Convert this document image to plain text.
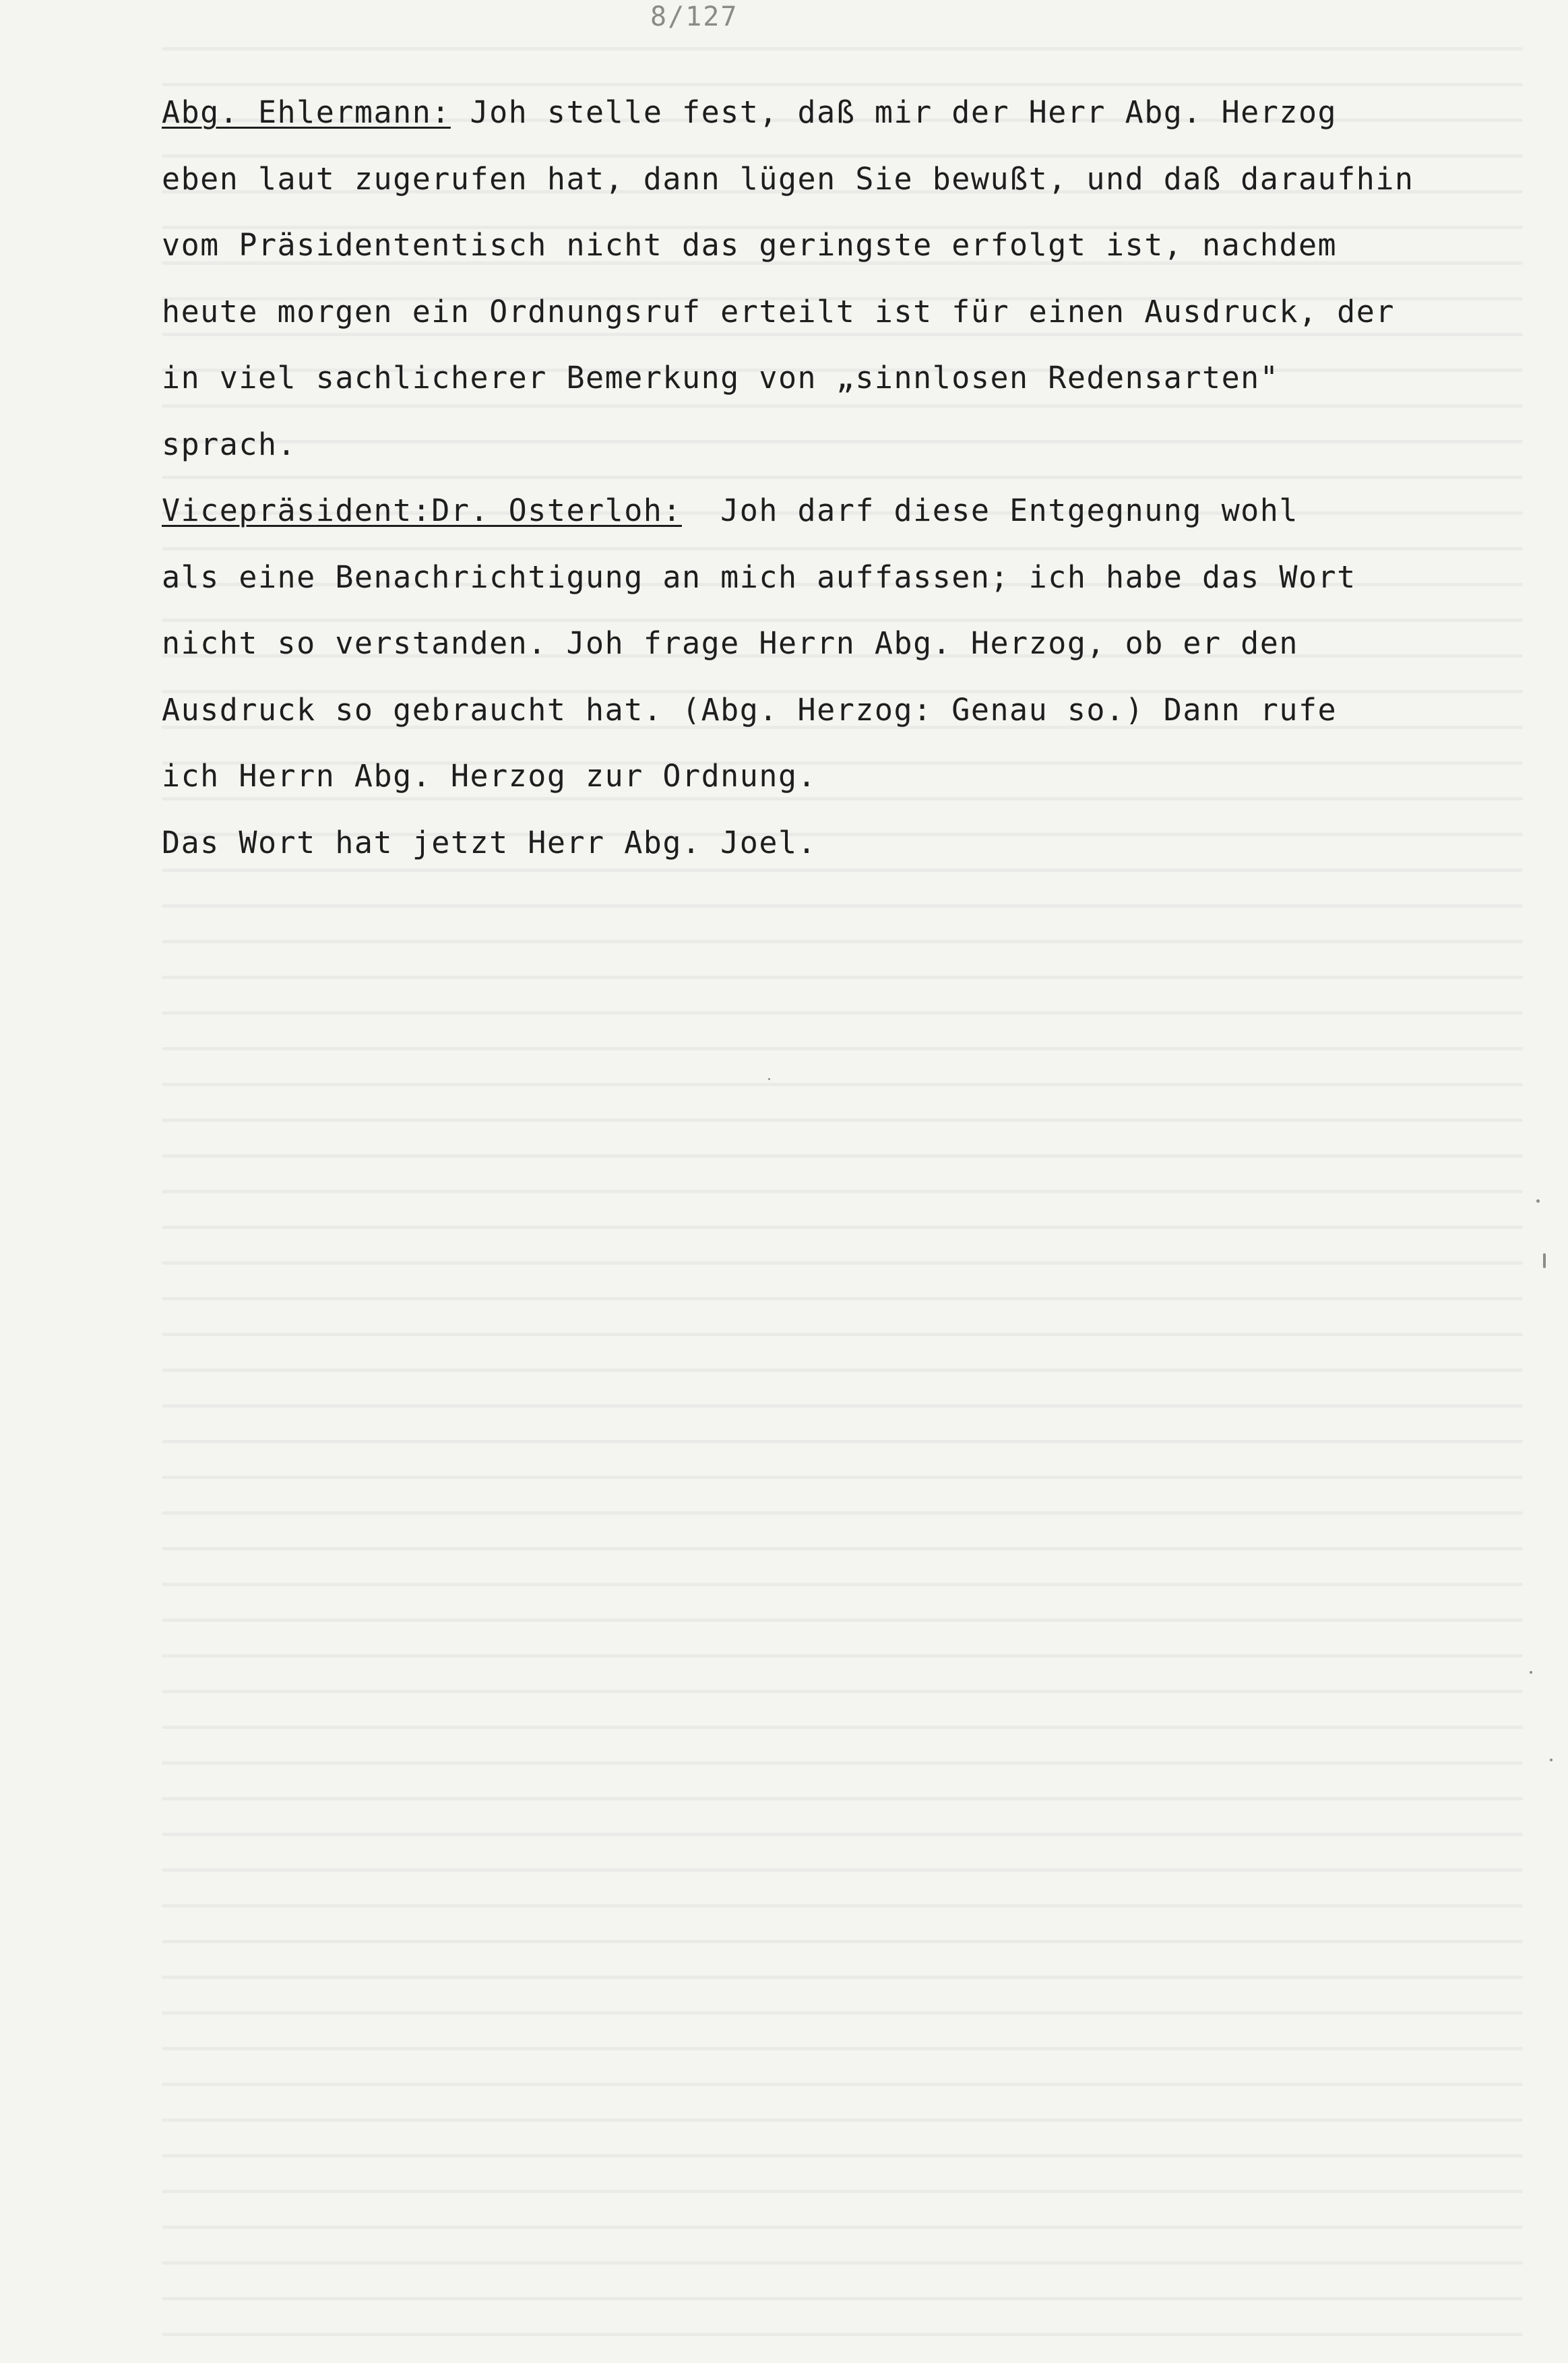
8/127
Abg. Ehlermann: Joh stelle fest, daß mir der Herr Abg. Herzog
eben laut zugerufen hat, dann lügen Sie bewußt, und daß daraufhin
vom Präsidententisch nicht das geringste erfolgt ist, nachdem
heute morgen ein Ordnungsruf erteilt ist für einen Ausdruck, der
in viel sachlicherer Bemerkung von „sinnlosen Redensarten"
sprach.
Vicepräsident:Dr. Osterloh:  Joh darf diese Entgegnung wohl
als eine Benachrichtigung an mich auffassen; ich habe das Wort
nicht so verstanden. Joh frage Herrn Abg. Herzog, ob er den
Ausdruck so gebraucht hat. (Abg. Herzog: Genau so.) Dann rufe
ich Herrn Abg. Herzog zur Ordnung.
Das Wort hat jetzt Herr Abg. Joel.
